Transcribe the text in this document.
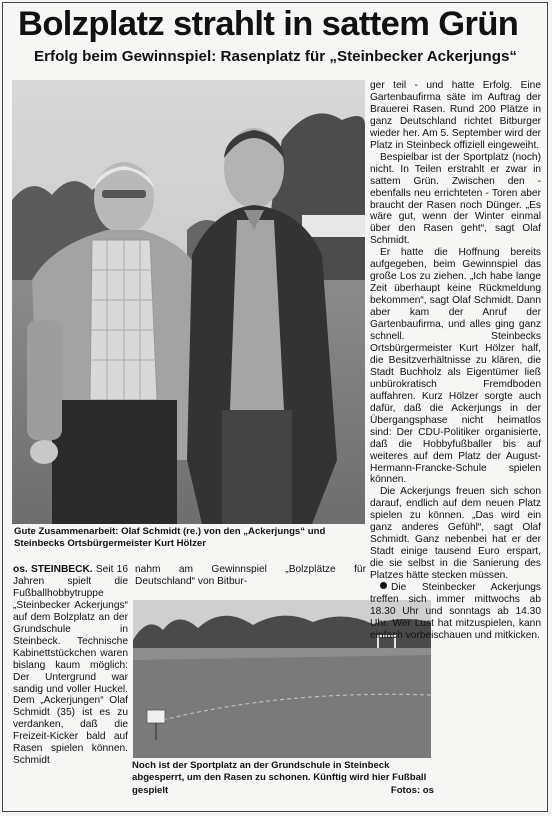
Bolzplatz strahlt in sattem Grün
Erfolg beim Gewinnspiel: Rasenplatz für „Steinbecker Ackerjungs“
Gute Zusammenarbeit: Olaf Schmidt (re.) von den „Ackerjungs“ und Steinbecks Ortsbürgermeister Kurt Hölzer
Noch ist der Sportplatz an der Grundschule in Steinbeck abgesperrt, um den Rasen zu schonen. Künftig wird hier Fußball gespielt	Fotos: os

ger teil - und hatte Erfolg. Eine Gartenbaufirma säte im Auftrag der Brauerei Rasen. Rund 200 Plätze in ganz Deutschland richtet Bitburger wieder her. Am 5. September wird der Platz in Steinbeck offiziell eingeweiht.

Bespielbar ist der Sportplatz (noch) nicht. In Teilen erstrahlt er zwar in sattem Grün. Zwischen den - ebenfalls neu errichteten - Toren aber braucht der Rasen noch Dünger. „Es wäre gut, wenn der Winter einmal über den Rasen geht“, sagt Olaf Schmidt.

Er hatte die Hoffnung bereits aufgegeben, beim Gewinnspiel das große Los zu ziehen. „Ich habe lange Zeit überhaupt keine Rückmeldung bekommen“, sagt Olaf Schmidt. Dann aber kam der Anruf der Gartenbaufirma, und alles ging ganz schnell. Steinbecks Ortsbürgermeister Kurt Hölzer half, die Besitzverhältnisse zu klären, die Stadt Buchholz als Eigentümer ließ unbürokratisch Fremdboden auffahren. Kurz Hölzer sorgte auch dafür, daß die Ackerjungs in der Übergangsphase nicht heimatlos sind: Der CDU-Politiker organisierte, daß die Hobbyfußballer bis auf weiteres auf dem Platz der August-Hermann-Francke-Schule spielen können.

Die Ackerjungs freuen sich schon darauf, endlich auf dem neuen Platz spielen zu können. „Das wird ein ganz anderes Gefühl“, sagt Olaf Schmidt. Ganz nebenbei hat er der Stadt einige tausend Euro erspart, die sie selbst in die Sanierung des Platzes hätte stecken müssen.

Die Steinbecker Ackerjungs treffen sich immer mittwochs ab 18.30 Uhr und sonntags ab 14.30 Uhr. Wer Lust hat mitzuspielen, kann einfach vorbeischauen und mitkicken.

os. STEINBECK. Seit 16 Jahren spielt die Fußballhobbytruppe „Steinbecker Ackerjungs“ auf dem Bolzplatz an der Grundschule in Steinbeck. Technische Kabinettstückchen waren bislang kaum möglich: Der Untergrund war sandig und voller Huckel. Dem „Ackerjungen“ Olaf Schmidt (35) ist es zu verdanken, daß die Freizeit-Kicker bald auf Rasen spielen können. Schmidt

nahm am Gewinnspiel „Bolzplätze für Deutschland“ von Bitbur-
